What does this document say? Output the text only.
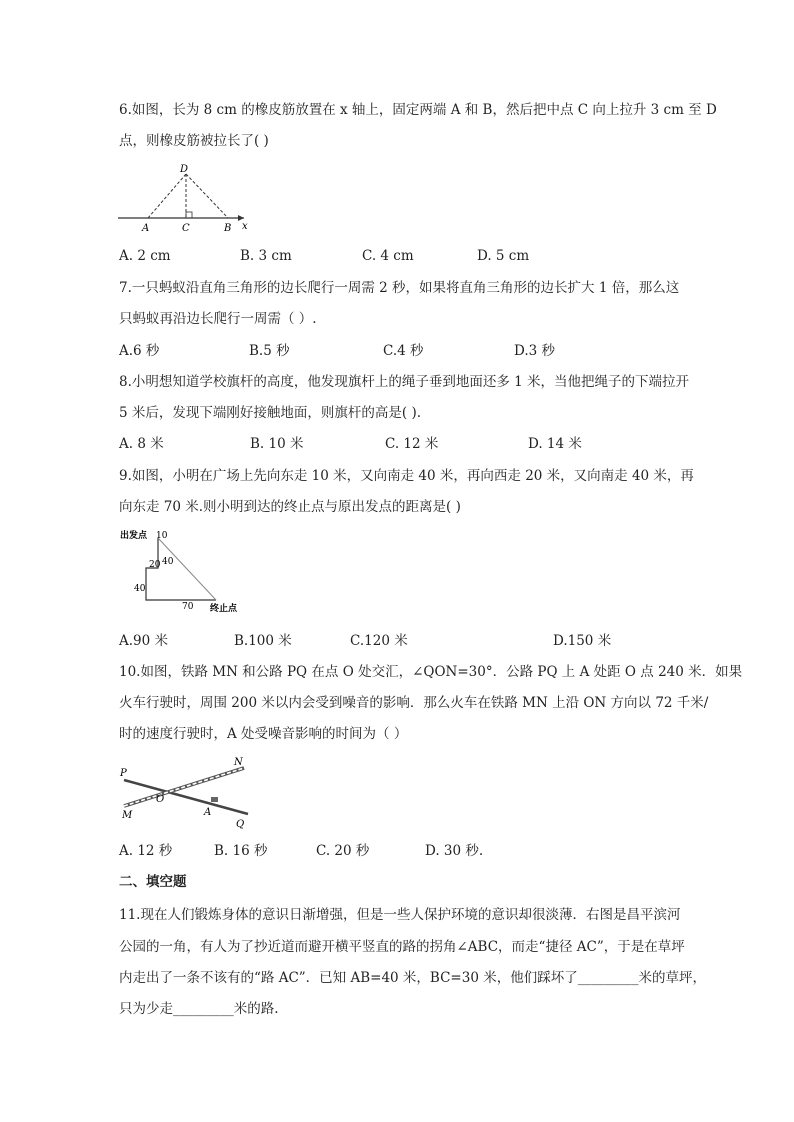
6.如图，长为 8 cm 的橡皮筋放置在 x 轴上，固定两端 A 和 B，然后把中点 C 向上拉升 3 cm 至 D
点，则橡皮筋被拉长了( )
D
A	C	B x
A. 2 cm	B. 3 cm	C. 4 cm	D. 5 cm
7.一只蚂蚁沿直角三角形的边长爬行一周需 2 秒，如果将直角三角形的边长扩大 1 倍，那么这
只蚂蚁再沿边长爬行一周需（ ）.
A.6 秒	B.5 秒	C.4 秒	D.3 秒
8.小明想知道学校旗杆的高度，他发现旗杆上的绳子垂到地面还多 1 米，当他把绳子的下端拉开
5 米后，发现下端刚好接触地面，则旗杆的高是( ).
A. 8 米	B. 10 米	C. 12 米	D. 14 米
9.如图，小明在广场上先向东走 10 米，又向南走 40 米，再向西走 20 米，又向南走 40 米，再
向东走 70 米.则小明到达的终止点与原出发点的距离是( )
出发点 10
20 40
40
70 终止点
A.90 米	B.100 米	C.120 米	D.150 米
10.如图，铁路 MN 和公路 PQ 在点 O 处交汇，∠QON=30°．公路 PQ 上 A 处距 O 点 240 米．如果
火车行驶时，周围 200 米以内会受到噪音的影响．那么火车在铁路 MN 上沿 ON 方向以 72 千米/
时的速度行驶时，A 处受噪音影响的时间为（ ）
P
N
O
M	A
Q
A. 12 秒	B. 16 秒	C. 20 秒	D. 30 秒.
二、填空题
11.现在人们锻炼身体的意识日渐增强，但是一些人保护环境的意识却很淡薄．右图是昌平滨河
公园的一角，有人为了抄近道而避开横平竖直的路的拐角∠ABC，而走“捷径 AC”，于是在草坪
内走出了一条不该有的“路 AC”．已知 AB=40 米，BC=30 米，他们踩坏了_________米的草坪，
只为少走_________米的路.
